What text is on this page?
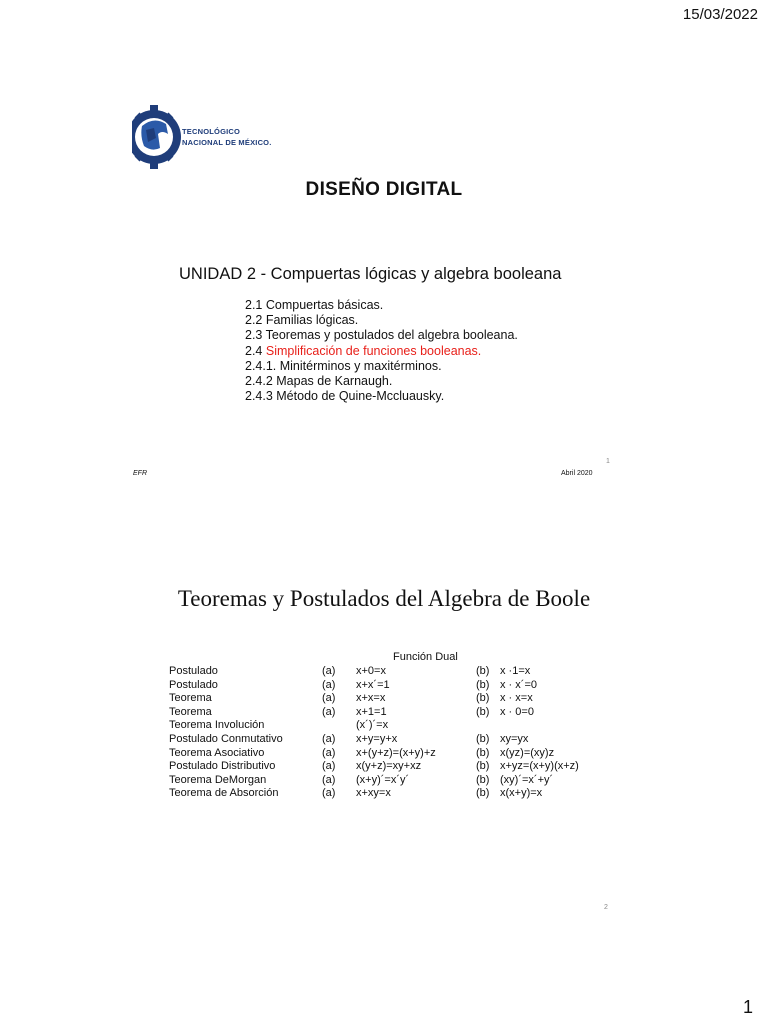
15/03/2022
TECNOLÓGICO
NACIONAL DE MÉXICO.
DISEÑO DIGITAL
UNIDAD 2 - Compuertas lógicas y algebra booleana
2.1 Compuertas básicas.
2.2 Familias lógicas.
2.3 Teoremas y postulados del algebra booleana.
2.4 Simplificación de funciones booleanas.
2.4.1. Minitérminos y maxitérminos.
2.4.2 Mapas de Karnaugh.
2.4.3 Método de Quine-Mccluausky.
1
EFR	Abril 2020
Teoremas y Postulados del Algebra de Boole
Función Dual
Postulado	(a) x+0=x	(b) x ·1=x
Postulado	(a) x+x´=1	(b) x · x´=0
Teorema	(a) x+x=x	(b) x · x=x
Teorema	(a) x+1=1	(b) x · 0=0
Teorema Involución	(x´)´=x
Postulado Conmutativo	(a) x+y=y+x	(b) xy=yx
Teorema Asociativo	(a) x+(y+z)=(x+y)+z	(b) x(yz)=(xy)z
Postulado Distributivo	(a) x(y+z)=xy+xz	(b) x+yz=(x+y)(x+z)
Teorema DeMorgan	(a) (x+y)´=x´y´	(b) (xy)´=x´+y´
Teorema de Absorción	(a) x+xy=x	(b) x(x+y)=x
2
1
